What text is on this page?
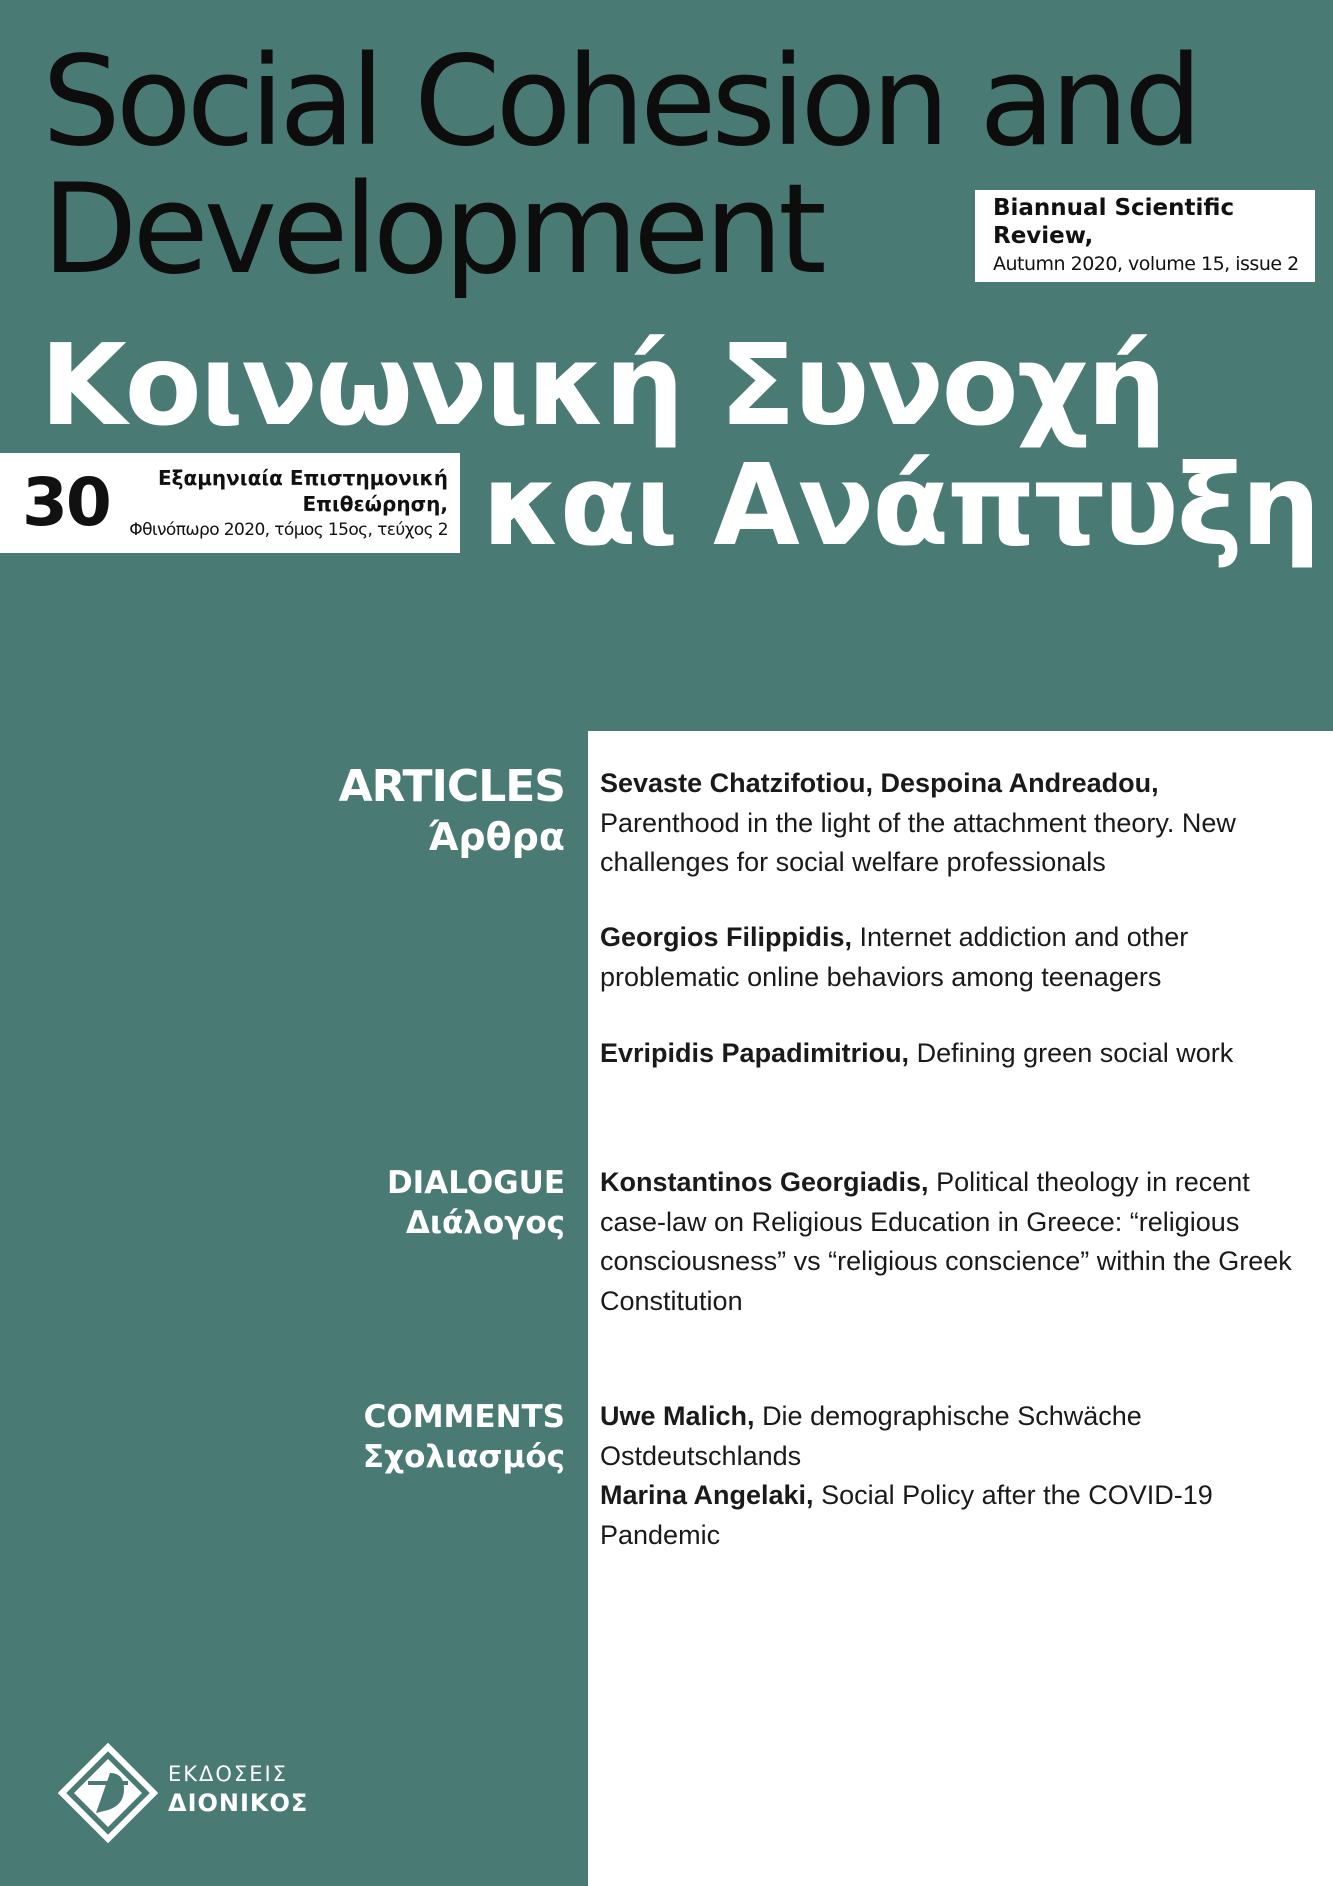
Social Cohesion and
Development	Biannual Scientific
Review,
Autumn 2020, volume 15, issue 2
Κοινωνική Συνοχή
και Ανάπτυξη
30 Εξαμηνιαία Επιστημονική
Επιθεώρηση,
Φθινόπωρο 2020, τόμος 15ος, τεύχος 2
ARTICLES
Άρθρα
DIALOGUE
Διάλογος
COMMENTS
Σχολιασμός
Sevaste Chatzifotiou, Despoina Andreadou,
Parenthood in the light of the attachment theory. New challenges for social welfare professionals
Georgios Filippidis, Internet addiction and other problematic online behaviors among teenagers
Evripidis Papadimitriou, Defining green social work
Konstantinos Georgiadis, Political theology in recent case-law on Religious Education in Greece: “religious consciousness” vs “religious conscience” within the Greek Constitution
Uwe Malich, Die demographische Schwäche Ostdeutschlands
Marina Angelaki, Social Policy after the COVID-19 Pandemic
ΕΚΔΟΣΕΙΣ
ΔΙΟΝΙΚΟΣ
